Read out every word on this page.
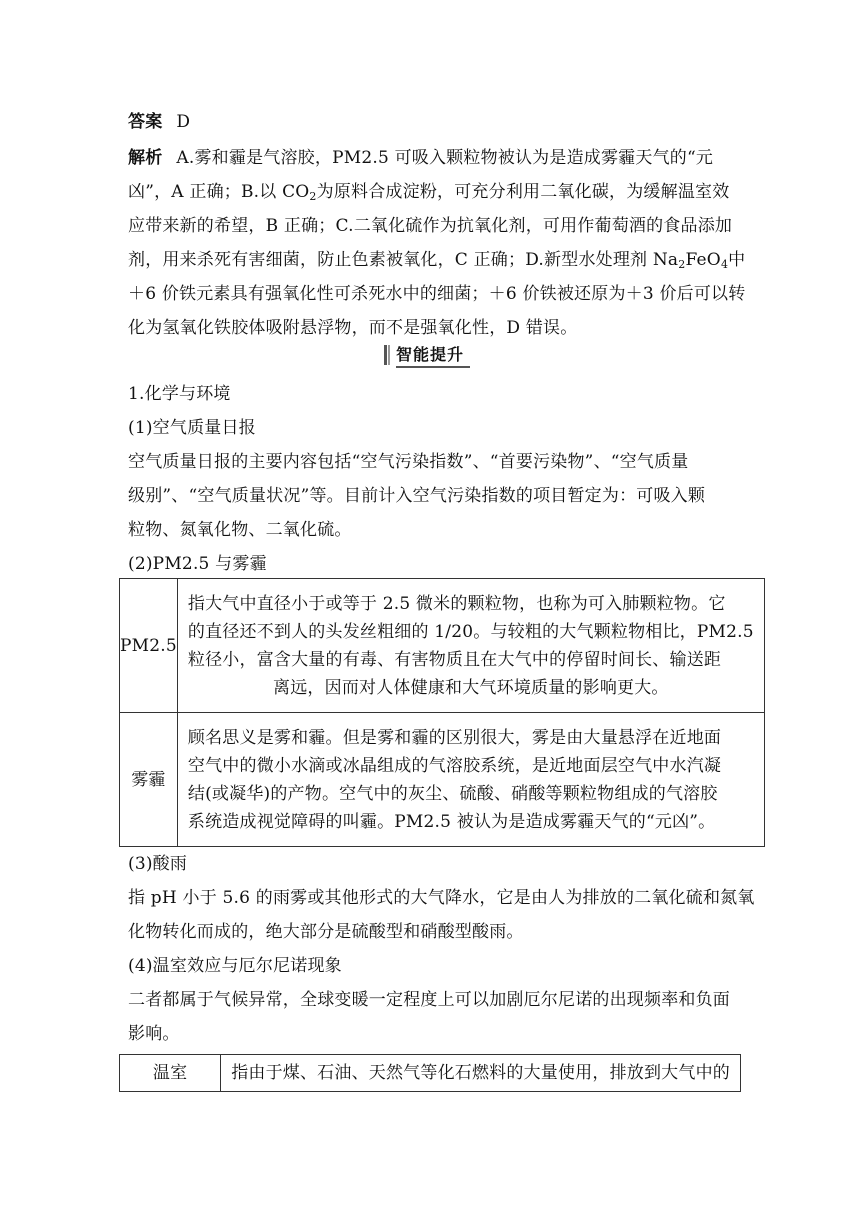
答案 D
解析 A.雾和霾是气溶胶，PM2.5 可吸入颗粒物被认为是造成雾霾天气的“元
凶”，A 正确；B.以 $CO_2$为原料合成淀粉，可充分利用二氧化碳，为缓解温室效
应带来新的希望，B 正确；C.二氧化硫作为抗氧化剂，可用作葡萄酒的食品添加
剂，用来杀死有害细菌，防止色素被氧化，C 正确；D.新型水处理剂 $Na_2FeO_4$中
＋6 价铁元素具有强氧化性可杀死水中的细菌；＋6 价铁被还原为＋3 价后可以转
化为氢氧化铁胶体吸附悬浮物，而不是强氧化性，D 错误。
智能提升
1.化学与环境
(1)空气质量日报
空气质量日报的主要内容包括“空气污染指数”、“首要污染物”、“空气质量
级别”、“空气质量状况”等。目前计入空气污染指数的项目暂定为：可吸入颗
粒物、氮氧化物、二氧化硫。
(2)PM2.5 与雾霾
PM2.5	指大气中直径小于或等于 2.5 微米的颗粒物，也称为可入肺颗粒物。它
的直径还不到人的头发丝粗细的 1/20。与较粗的大气颗粒物相比，PM2.5
粒径小，富含大量的有毒、有害物质且在大气中的停留时间长、输送距
离远，因而对人体健康和大气环境质量的影响更大。

雾霾	顾名思义是雾和霾。但是雾和霾的区别很大，雾是由大量悬浮在近地面
空气中的微小水滴或冰晶组成的气溶胶系统，是近地面层空气中水汽凝
结(或凝华)的产物。空气中的灰尘、硫酸、硝酸等颗粒物组成的气溶胶
系统造成视觉障碍的叫霾。PM2.5 被认为是造成雾霾天气的“元凶”。
(3)酸雨
指 pH 小于 5.6 的雨雾或其他形式的大气降水，它是由人为排放的二氧化硫和氮氧
化物转化而成的，绝大部分是硫酸型和硝酸型酸雨。
(4)温室效应与厄尔尼诺现象
二者都属于气候异常，全球变暖一定程度上可以加剧厄尔尼诺的出现频率和负面
影响。
温室	指由于煤、石油、天然气等化石燃料的大量使用，排放到大气中的
